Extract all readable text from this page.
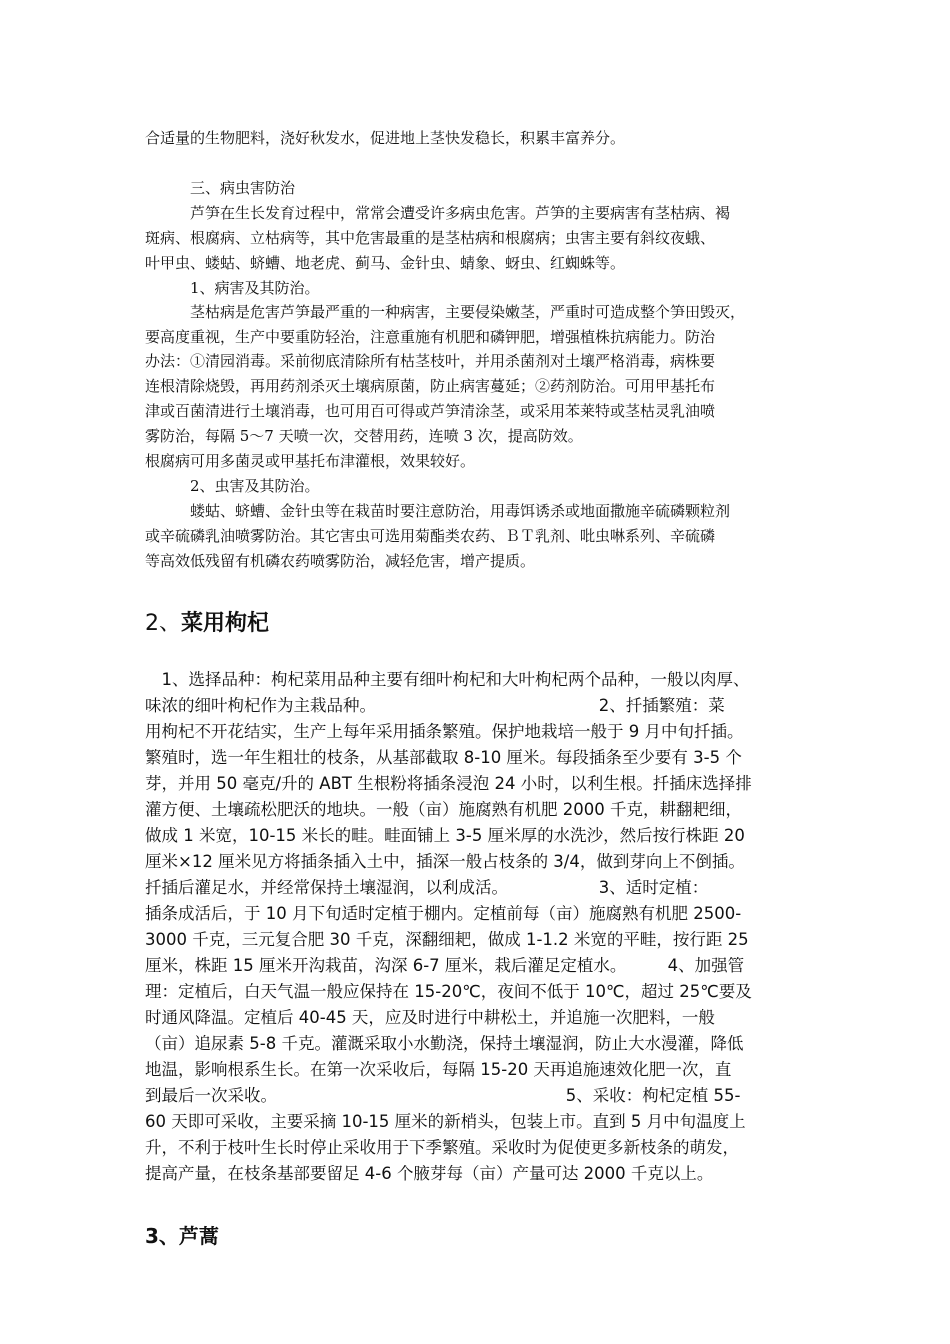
合适量的生物肥料，浇好秋发水，促进地上茎快发稳长，积累丰富养分。
　　　三、病虫害防治
　　　芦笋在生长发育过程中，常常会遭受许多病虫危害。芦笋的主要病害有茎枯病、褐
斑病、根腐病、立枯病等，其中危害最重的是茎枯病和根腐病；虫害主要有斜纹夜蛾、
叶甲虫、蝼蛄、蛴螬、地老虎、蓟马、金针虫、蜻象、蚜虫、红蜘蛛等。
　　　1、病害及其防治。
　　　茎枯病是危害芦笋最严重的一种病害，主要侵染嫩茎，严重时可造成整个笋田毁灭，
要高度重视，生产中要重防轻治，注意重施有机肥和磷钾肥，增强植株抗病能力。防治
办法：①清园消毒。采前彻底清除所有枯茎枝叶，并用杀菌剂对土壤严格消毒，病株要
连根清除烧毁，再用药剂杀灭土壤病原菌，防止病害蔓延；②药剂防治。可用甲基托布
津或百菌清进行土壤消毒，也可用百可得或芦笋清涂茎，或采用苯莱特或茎枯灵乳油喷
雾防治，每隔 5～7 天喷一次，交替用药，连喷 3 次，提高防效。
根腐病可用多菌灵或甲基托布津灌根，效果较好。
　　　2、虫害及其防治。
　　　蝼蛄、蛴螬、金针虫等在栽苗时要注意防治，用毒饵诱杀或地面撒施辛硫磷颗粒剂
或辛硫磷乳油喷雾防治。其它害虫可选用菊酯类农药、ＢＴ乳剂、吡虫啉系列、辛硫磷
等高效低残留有机磷农药喷雾防治，减轻危害，增产提质。
2、菜用枸杞
　1、选择品种：枸杞菜用品种主要有细叶枸杞和大叶枸杞两个品种，一般以肉厚、
味浓的细叶枸杞作为主栽品种。　　　　　　　　　　　　　　2、扦插繁殖：菜
用枸杞不开花结实，生产上每年采用插条繁殖。保护地栽培一般于 9 月中旬扦插。
繁殖时，选一年生粗壮的枝条，从基部截取 8-10 厘米。每段插条至少要有 3-5 个
芽，并用 50 毫克/升的 ABT 生根粉将插条浸泡 24 小时，以利生根。扦插床选择排
灌方便、土壤疏松肥沃的地块。一般（亩）施腐熟有机肥 2000 千克，耕翻耙细，
做成 1 米宽，10-15 米长的畦。畦面铺上 3-5 厘米厚的水洗沙，然后按行株距 20
厘米×12 厘米见方将插条插入土中，插深一般占枝条的 3/4，做到芽向上不倒插。
扦插后灌足水，并经常保持土壤湿润，以利成活。　　　　　　3、适时定植：
插条成活后，于 10 月下旬适时定植于棚内。定植前每（亩）施腐熟有机肥 2500-
3000 千克，三元复合肥 30 千克，深翻细耙，做成 1-1.2 米宽的平畦，按行距 25
厘米，株距 15 厘米开沟栽苗，沟深 6-7 厘米，栽后灌足定植水。　　　4、加强管
理：定植后，白天气温一般应保持在 15-20℃，夜间不低于 10℃，超过 25℃要及
时通风降温。定植后 40-45 天，应及时进行中耕松土，并追施一次肥料，一般
（亩）追尿素 5-8 千克。灌溉采取小水勤浇，保持土壤湿润，防止大水漫灌，降低
地温，影响根系生长。在第一次采收后，每隔 15-20 天再追施速效化肥一次，直
到最后一次采收。　　　　　　　　　　　　　　　　　　5、采收：枸杞定植 55-
60 天即可采收，主要采摘 10-15 厘米的新梢头，包装上市。直到 5 月中旬温度上
升，不利于枝叶生长时停止采收用于下季繁殖。采收时为促使更多新枝条的萌发，
提高产量，在枝条基部要留足 4-6 个腋芽每（亩）产量可达 2000 千克以上。
3、芦蒿
